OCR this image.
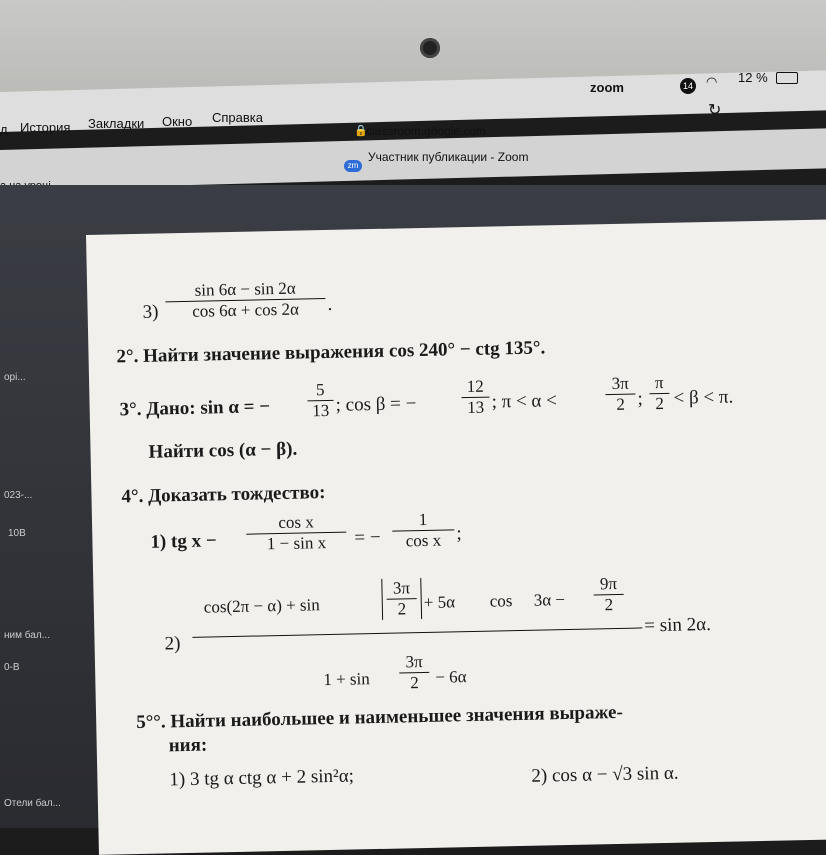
д История Закладки Окно Справка
zoom	14 ◠ 12 %
↻
classroom.google.com
🔒
zm
Участник публикации - Zoom
орі...
023-...
10В
ним бал...
0-В
Отели бал...
$3) \frac{\sin 6\alpha - \sin 2\alpha}{\cos 6\alpha + \cos 2\alpha}$ .
2°. Найти значение выражения cos 240° − ctg 135°.
3°. Дано: sin α = − $\frac{5}{13}$ ; cos β = −	$\frac{12}{13}$ ; π < α <	$\frac{3\pi}{2}$ ; $\frac{\pi}{2} < \beta < \pi$.
Найти cos (α − β).
4°. Доказать тождество:
1) tg $x - \frac{\text{cos x}}{\text{1 − sin x}}$ = − $\frac{1}{\text{cos x}}$ ;
2)
cos(2π − α) + sin	$\frac{3\pi}{2} + 5\alpha$ $\cos 3\alpha - \frac{9\pi}{2}$
= sin 2α.
$1 + \sin \frac{3\pi}{2} - 6\alpha$
5°°. Найти наибольшее и наименьшее значения выраже-
ния:
1) 3 tg α ctg α + 2 sin²α;	2) cos α − √3 sin α.
